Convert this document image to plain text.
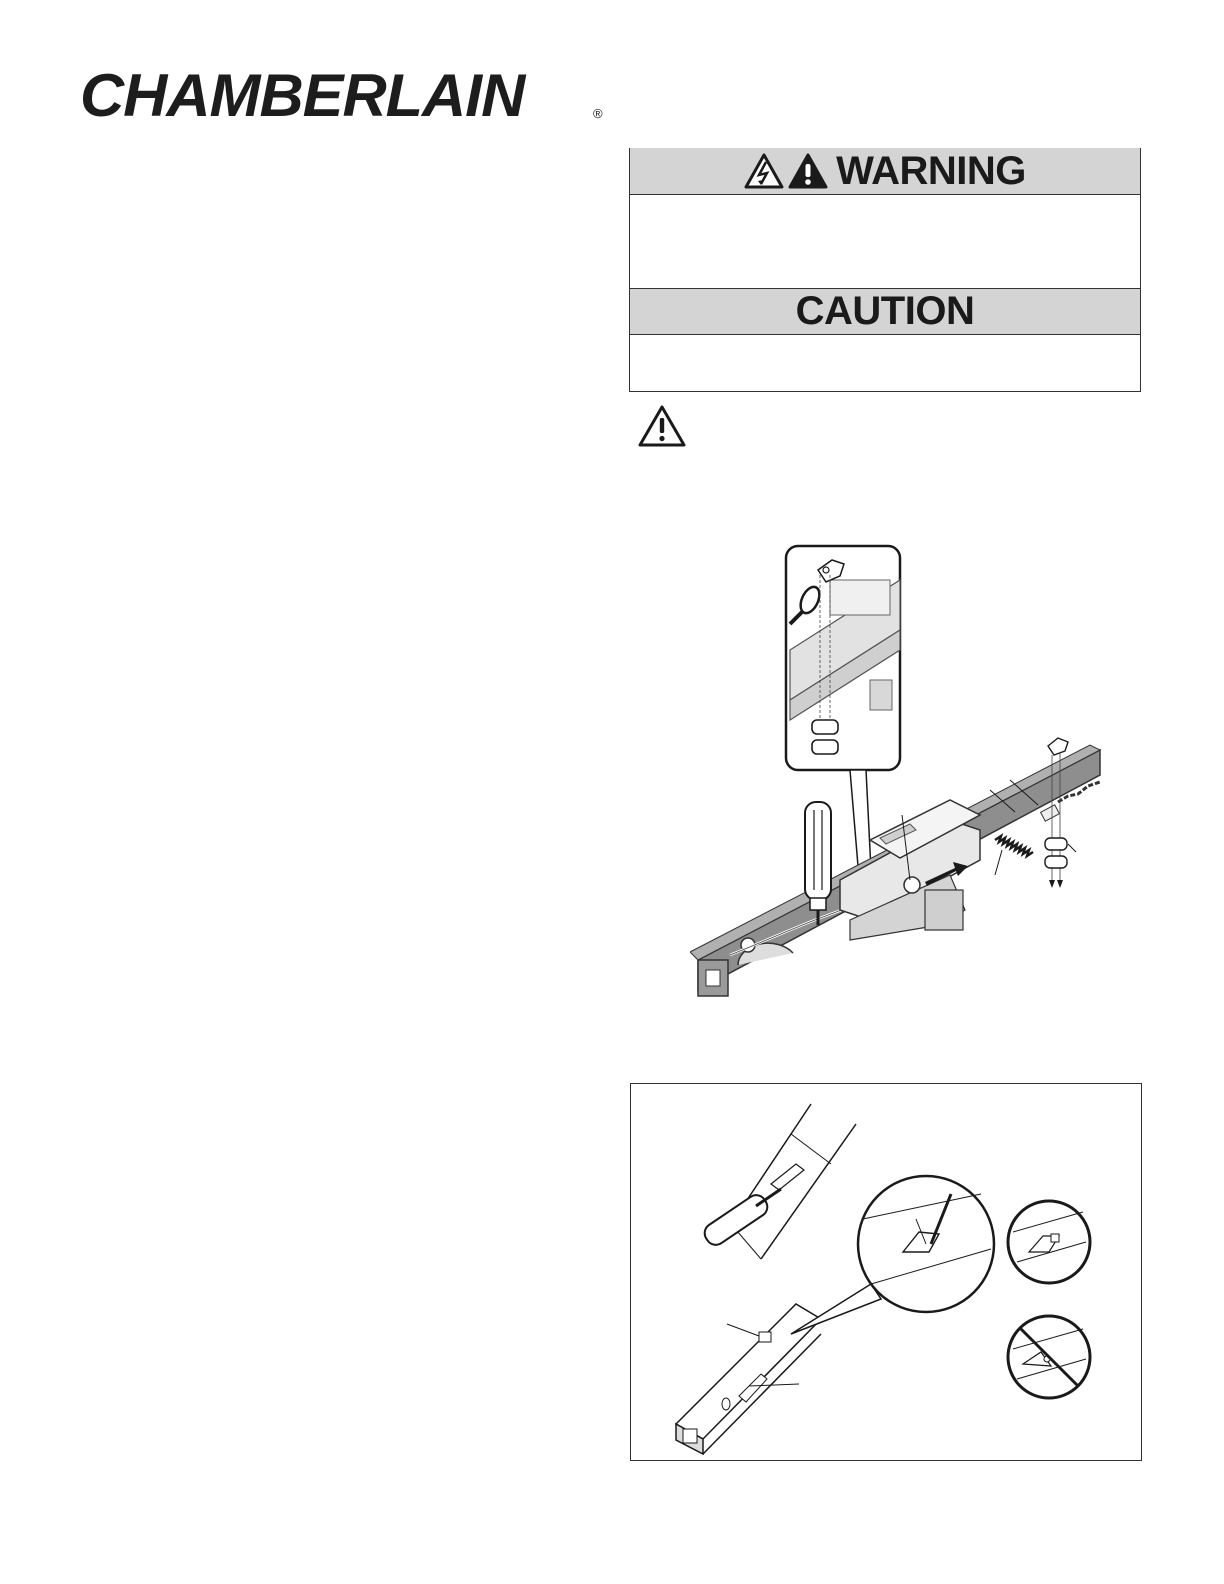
CHAMBERLAIN	®
WARNING
CAUTION
